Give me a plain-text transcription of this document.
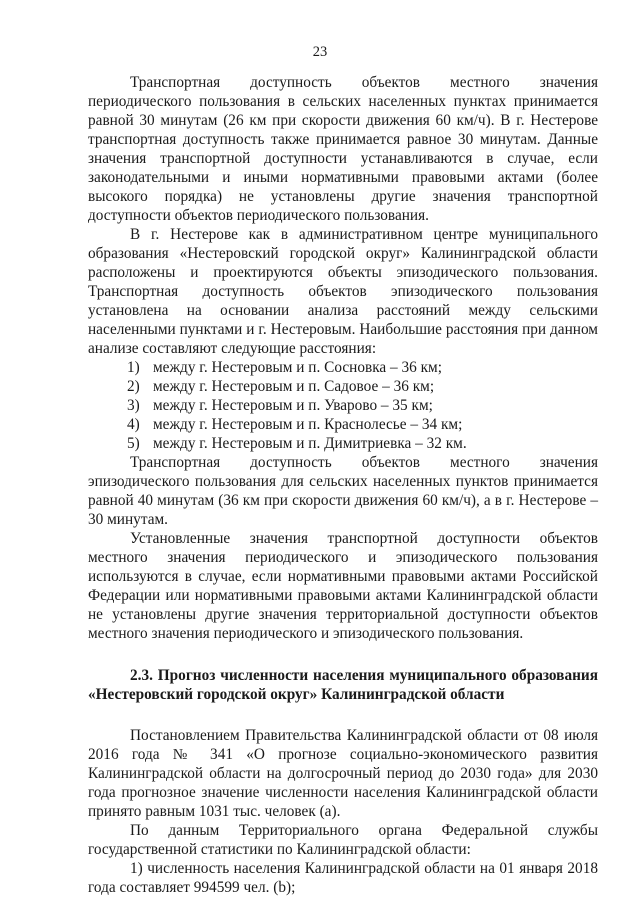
23

Транспортная доступность объектов местного значения периодического пользования в сельских населенных пунктах принимается равной 30 минутам (26 км при скорости движения 60 км/ч). В г. Нестерове транспортная доступность также принимается равное 30 минутам. Данные значения транспортной доступности устанавливаются в случае, если законодательными и иными нормативными правовыми актами (более высокого порядка) не установлены другие значения транспортной доступности объектов периодического пользования.

В г. Нестерове как в административном центре муниципального образования «Нестеровский городской округ» Калининградской области расположены и проектируются объекты эпизодического пользования. Транспортная доступность объектов эпизодического пользования установлена на основании анализа расстояний между сельскими населенными пунктами и г. Нестеровым. Наибольшие расстояния при данном анализе составляют следующие расстояния:

1) между г. Нестеровым и п. Сосновка – 36 км;
2) между г. Нестеровым и п. Садовое – 36 км;
3) между г. Нестеровым и п. Уварово – 35 км;
4) между г. Нестеровым и п. Краснолесье – 34 км;
5) между г. Нестеровым и п. Димитриевка – 32 км.

Транспортная доступность объектов местного значения эпизодического пользования для сельских населенных пунктов принимается равной 40 минутам (36 км при скорости движения 60 км/ч), а в г. Нестерове – 30 минутам.

Установленные значения транспортной доступности объектов местного значения периодического и эпизодического пользования используются в случае, если нормативными правовыми актами Российской Федерации или нормативными правовыми актами Калининградской области не установлены другие значения территориальной доступности объектов местного значения периодического и эпизодического пользования.

2.3. Прогноз численности населения муниципального образования «Нестеровский городской округ» Калининградской области

Постановлением Правительства Калининградской области от 08 июля 2016 года № 341 «О прогнозе социально-экономического развития Калининградской области на долгосрочный период до 2030 года» для 2030 года прогнозное значение численности населения Калининградской области принято равным 1031 тыс. человек (a).

По данным Территориального органа Федеральной службы государственной статистики по Калининградской области:

1) численность населения Калининградской области на 01 января 2018 года составляет 994599 чел. (b);
